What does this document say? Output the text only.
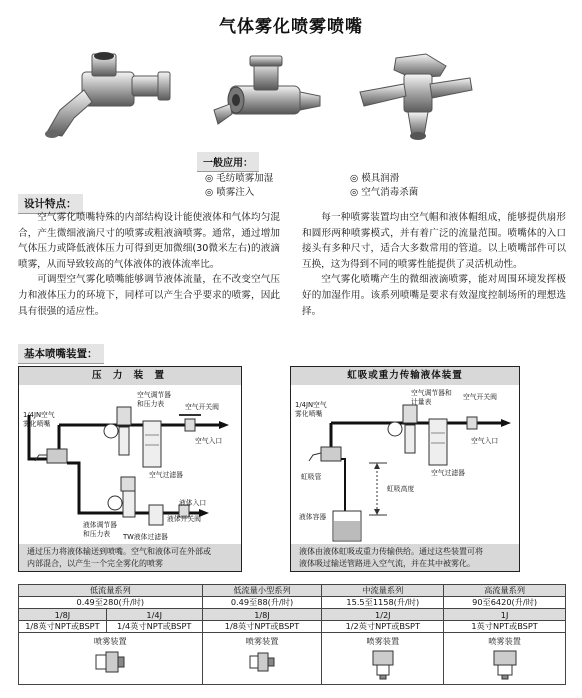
气体雾化喷雾喷嘴
一般应用：
◎ 毛纺喷雾加湿	◎ 模具润滑 ◎ 喷雾注入	◎ 空气消毒杀菌
设计特点：

空气雾化喷嘴特殊的内部结构设计能使液体和气体均匀混合，产生微细液滴尺寸的喷雾或粗液滴喷雾。通常，通过增加气体压力或降低液体压力可得到更加微细(30微米左右)的液滴喷雾，从而导致较高的气体液体的液体流率比。

可调型空气雾化喷嘴能够调节液体流量，在不改变空气压力和液体压力的环境下，同样可以产生合乎要求的喷雾，因此具有很强的适应性。

每一种喷雾装置均由空气帽和液体帽组成，能够提供扇形和圆形两种喷雾模式，并有着广泛的流量范围。喷嘴体的入口接头有多种尺寸，适合大多数常用的管道。以上喷嘴部件可以互换，这为得到不同的喷雾性能提供了灵活机动性。

空气雾化喷嘴产生的微细液滴喷雾，能对周围环境发挥极好的加湿作用。该系列喷嘴是要求有效湿度控制场所的理想选择。

基本喷嘴装置：
压 力 装 置
1/4JN空气
雾化喷嘴
空气调节器
和压力表	空气开关阀
空气入口
空气过滤器
液体入口
液体调节器
和压力表
液体开关阀
TW液体过滤器
通过压力将液体输送到喷嘴。空气和液体可在外部或
内部混合，以产生一个完全雾化的喷雾
虹吸或重力传输液体装置
1/4JN空气
雾化喷嘴
空气调节器和
计量表
空气开关阀
空气入口
空气过滤器
虹吸管
虹吸高度
液体容器
液体由液体虹吸或重力传输供给。通过这些装置可将
液体吸过输送管路进入空气流，并在其中被雾化。
低流量系列		低流量小型系列	中流量系列	高流量系列
0.49至280(升/时)		0.49至88(升/时)	15.5至1158(升/时)	90至6420(升/时)
1/8J	1/4J	1/8J	1/2J	1J
1/8英寸NPT或BSPT	1/4英寸NPT或BSPT	1/8英寸NPT或BSPT	1/2英寸NPT或BSPT	1英寸NPT或BSPT

喷雾装置		喷雾装置	喷雾装置	喷雾装置
